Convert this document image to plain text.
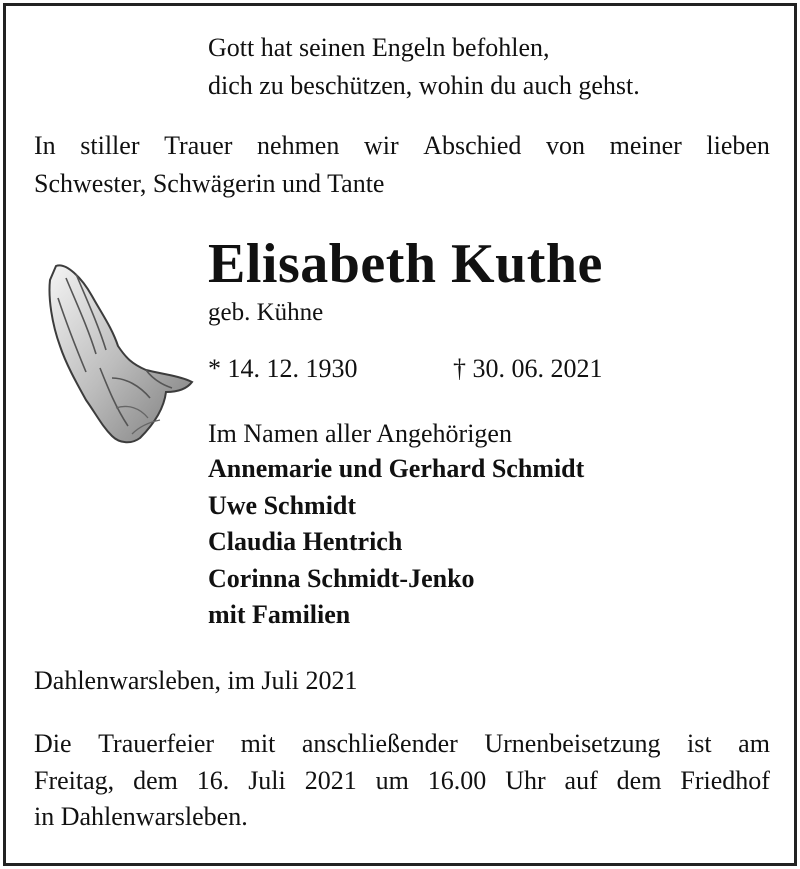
Gott hat seinen Engeln befohlen,
dich zu beschützen, wohin du auch gehst.
In stiller Trauer nehmen wir Abschied von meiner lieben
Schwester, Schwägerin und Tante
Elisabeth Kuthe
geb. Kühne
* 14. 12. 1930	† 30. 06. 2021
Im Namen aller Angehörigen
Annemarie und Gerhard Schmidt
Uwe Schmidt
Claudia Hentrich
Corinna Schmidt-Jenko
mit Familien
Dahlenwarsleben, im Juli 2021
Die Trauerfeier mit anschließender Urnenbeisetzung ist am
Freitag, dem 16. Juli 2021 um 16.00 Uhr auf dem Friedhof
in Dahlenwarsleben.
